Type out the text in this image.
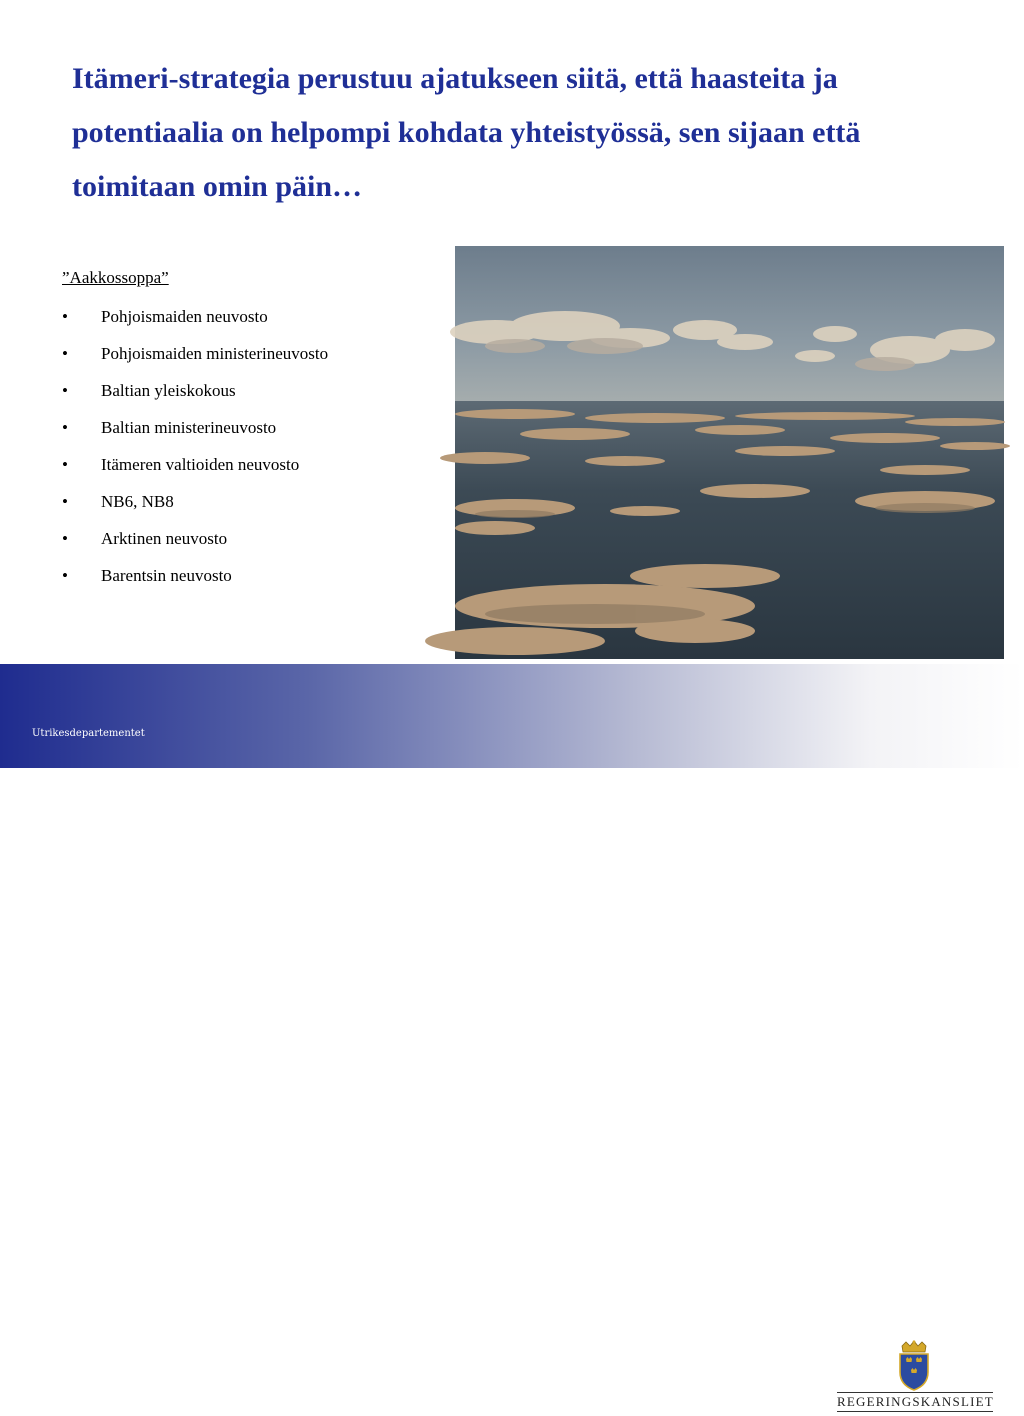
Itämeri-strategia perustuu ajatukseen siitä, että haasteita ja potentiaalia on helpompi kohdata yhteistyössä, sen sijaan että toimitaan omin päin…
”Aakkossoppa”
• Pohjoismaiden neuvosto
• Pohjoismaiden ministerineuvosto
• Baltian yleiskokous
• Baltian ministerineuvosto
• Itämeren valtioiden neuvosto
• NB6, NB8
• Arktinen neuvosto
• Barentsin neuvosto
Utrikesdepartementet
REGERINGSKANSLIET
